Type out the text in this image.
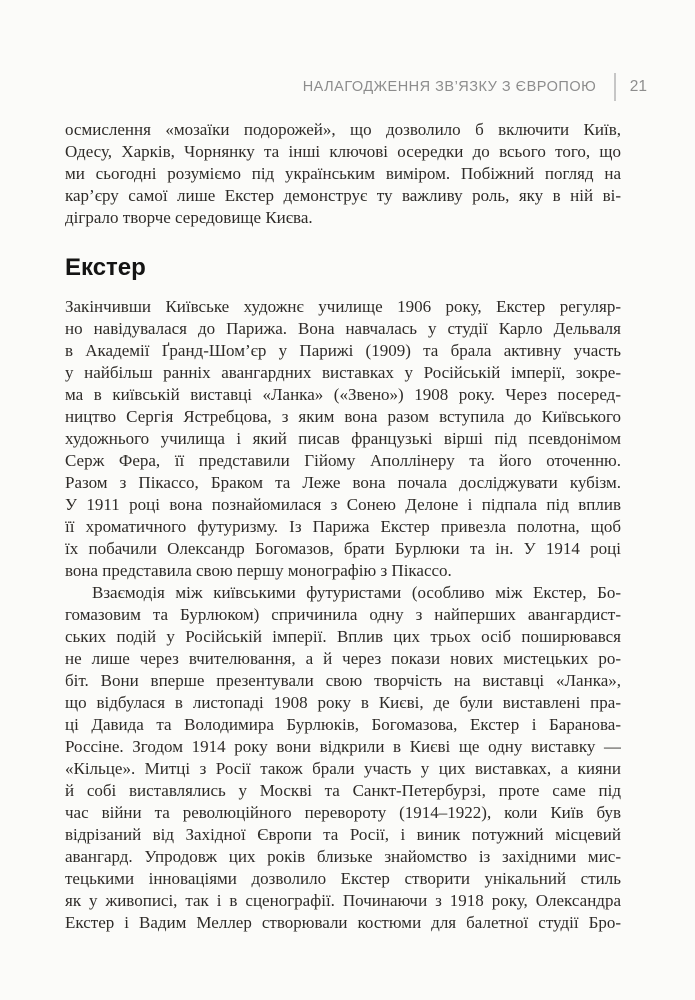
НАЛАГОДЖЕННЯ ЗВ’ЯЗКУ З ЄВРОПОЮ 21
осмислення «мозаїки подорожей», що дозволило б включити Київ,
Одесу, Харків, Чорнянку та інші ключові осередки до всього того, що
ми сьогодні розуміємо під українським виміром. Побіжний погляд на
кар’єру самої лише Екстер демонструє ту важливу роль, яку в ній ві-
діграло творче середовище Києва.
Екстер
Закінчивши Київське художнє училище 1906 року, Екстер регуляр-
но навідувалася до Парижа. Вона навчалась у студії Карло Дельваля
в Академії Ґранд-Шом’єр у Парижі (1909) та брала активну участь
у найбільш ранніх авангардних виставках у Російській імперії, зокре-
ма в київській виставці «Ланка» («Звено») 1908 року. Через посеред-
ництво Сергія Ястребцова, з яким вона разом вступила до Київського
художнього училища і який писав французькі вірші під псевдонімом
Серж Фера, її представили Гійому Аполлінеру та його оточенню.
Разом з Пікассо, Браком та Леже вона почала досліджувати кубізм.
У 1911 році вона познайомилася з Сонею Делоне і підпала під вплив
її хроматичного футуризму. Із Парижа Екстер привезла полотна, щоб
їх побачили Олександр Богомазов, брати Бурлюки та ін. У 1914 році
вона представила свою першу монографію з Пікассо.
Взаємодія між київськими футуристами (особливо між Екстер, Бо-
гомазовим та Бурлюком) спричинила одну з найперших авангардист-
ських подій у Російській імперії. Вплив цих трьох осіб поширювався
не лише через вчителювання, а й через покази нових мистецьких ро-
біт. Вони вперше презентували свою творчість на виставці «Ланка»,
що відбулася в листопаді 1908 року в Києві, де були виставлені пра-
ці Давида та Володимира Бурлюків, Богомазова, Екстер і Баранова-
Россіне. Згодом 1914 року вони відкрили в Києві ще одну виставку —
«Кільце». Митці з Росії також брали участь у цих виставках, а кияни
й собі виставлялись у Москві та Санкт-Петербурзі, проте саме під
час війни та революційного перевороту (1914–1922), коли Київ був
відрізаний від Західної Європи та Росії, і виник потужний місцевий
авангард. Упродовж цих років близьке знайомство із західними мис-
тецькими інноваціями дозволило Екстер створити унікальний стиль
як у живописі, так і в сценографії. Починаючи з 1918 року, Олександра
Екстер і Вадим Меллер створювали костюми для балетної студії Бро-
